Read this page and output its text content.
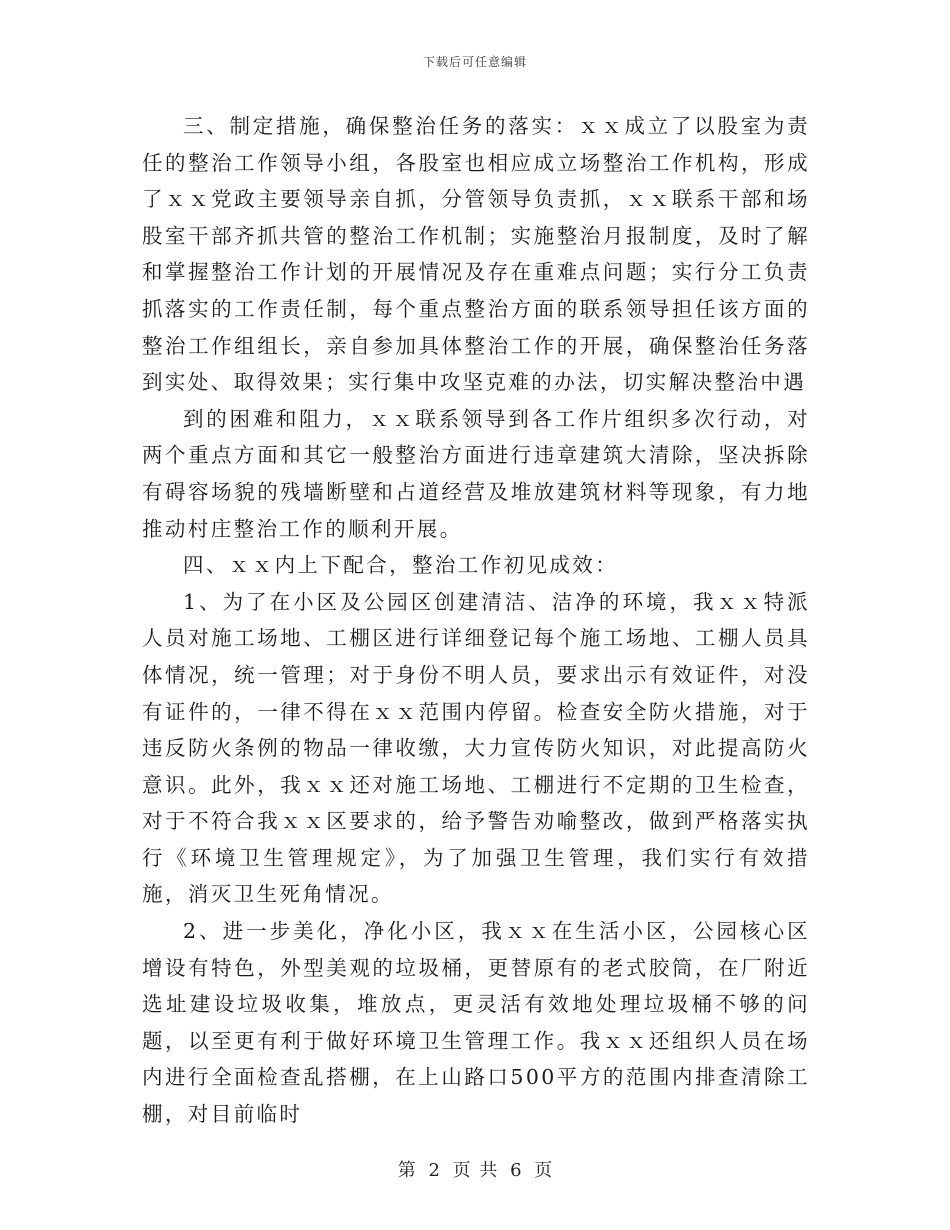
下载后可任意编辑

三、制定措施，确保整治任务的落实：ｘｘ成立了以股室为责任的整治工作领导小组，各股室也相应成立场整治工作机构，形成了ｘｘ党政主要领导亲自抓，分管领导负责抓，ｘｘ联系干部和场股室干部齐抓共管的整治工作机制；实施整治月报制度，及时了解和掌握整治工作计划的开展情况及存在重难点问题；实行分工负责抓落实的工作责任制，每个重点整治方面的联系领导担任该方面的整治工作组组长，亲自参加具体整治工作的开展，确保整治任务落到实处、取得效果；实行集中攻坚克难的办法，切实解决整治中遇

到的困难和阻力，ｘｘ联系领导到各工作片组织多次行动，对两个重点方面和其它一般整治方面进行违章建筑大清除，坚决拆除有碍容场貌的残墙断壁和占道经营及堆放建筑材料等现象，有力地推动村庄整治工作的顺利开展。

四、ｘｘ内上下配合，整治工作初见成效：

1、为了在小区及公园区创建清洁、洁净的环境，我ｘｘ特派人员对施工场地、工棚区进行详细登记每个施工场地、工棚人员具体情况，统一管理；对于身份不明人员，要求出示有效证件，对没有证件的，一律不得在ｘｘ范围内停留。检查安全防火措施，对于违反防火条例的物品一律收缴，大力宣传防火知识，对此提高防火意识。此外，我ｘｘ还对施工场地、工棚进行不定期的卫生检查，对于不符合我ｘｘ区要求的，给予警告劝喻整改，做到严格落实执行《环境卫生管理规定》，为了加强卫生管理，我们实行有效措施，消灭卫生死角情况。

2、进一步美化，净化小区，我ｘｘ在生活小区，公园核心区增设有特色，外型美观的垃圾桶，更替原有的老式胶筒，在厂附近选址建设垃圾收集，堆放点，更灵活有效地处理垃圾桶不够的问题，以至更有利于做好环境卫生管理工作。我ｘｘ还组织人员在场内进行全面检查乱搭棚，在上山路口500平方的范围内排查清除工棚，对目前临时

第 2 页 共 6 页
